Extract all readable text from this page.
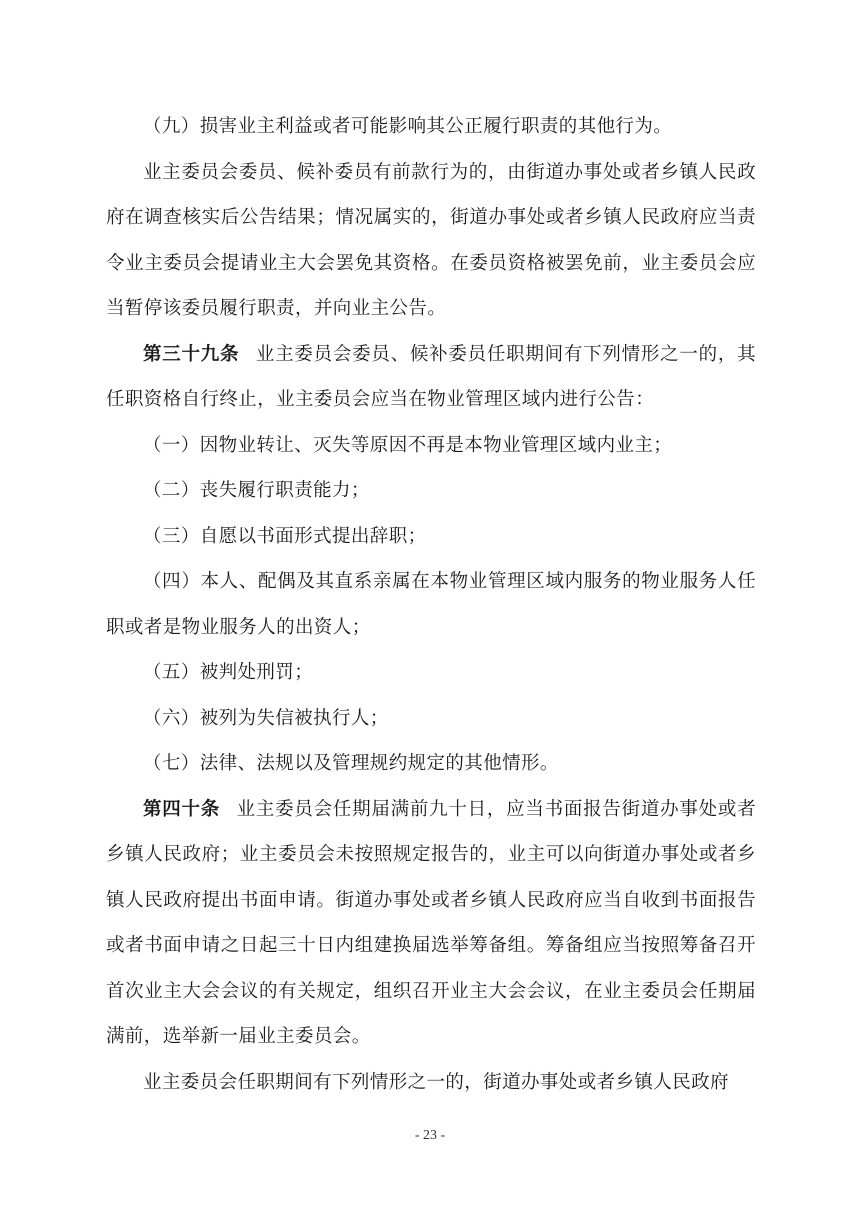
（九）损害业主利益或者可能影响其公正履行职责的其他行为。

业主委员会委员、候补委员有前款行为的，由街道办事处或者乡镇人民政府在调查核实后公告结果；情况属实的，街道办事处或者乡镇人民政府应当责令业主委员会提请业主大会罢免其资格。在委员资格被罢免前，业主委员会应当暂停该委员履行职责，并向业主公告。

第三十九条 业主委员会委员、候补委员任职期间有下列情形之一的，其任职资格自行终止，业主委员会应当在物业管理区域内进行公告：

（一）因物业转让、灭失等原因不再是本物业管理区域内业主；

（二）丧失履行职责能力；

（三）自愿以书面形式提出辞职；

（四）本人、配偶及其直系亲属在本物业管理区域内服务的物业服务人任职或者是物业服务人的出资人；

（五）被判处刑罚；

（六）被列为失信被执行人；

（七）法律、法规以及管理规约规定的其他情形。

第四十条 业主委员会任期届满前九十日，应当书面报告街道办事处或者乡镇人民政府；业主委员会未按照规定报告的，业主可以向街道办事处或者乡镇人民政府提出书面申请。街道办事处或者乡镇人民政府应当自收到书面报告或者书面申请之日起三十日内组建换届选举筹备组。筹备组应当按照筹备召开首次业主大会会议的有关规定，组织召开业主大会会议，在业主委员会任期届满前，选举新一届业主委员会。

业主委员会任职期间有下列情形之一的，街道办事处或者乡镇人民政府

- 23 -
